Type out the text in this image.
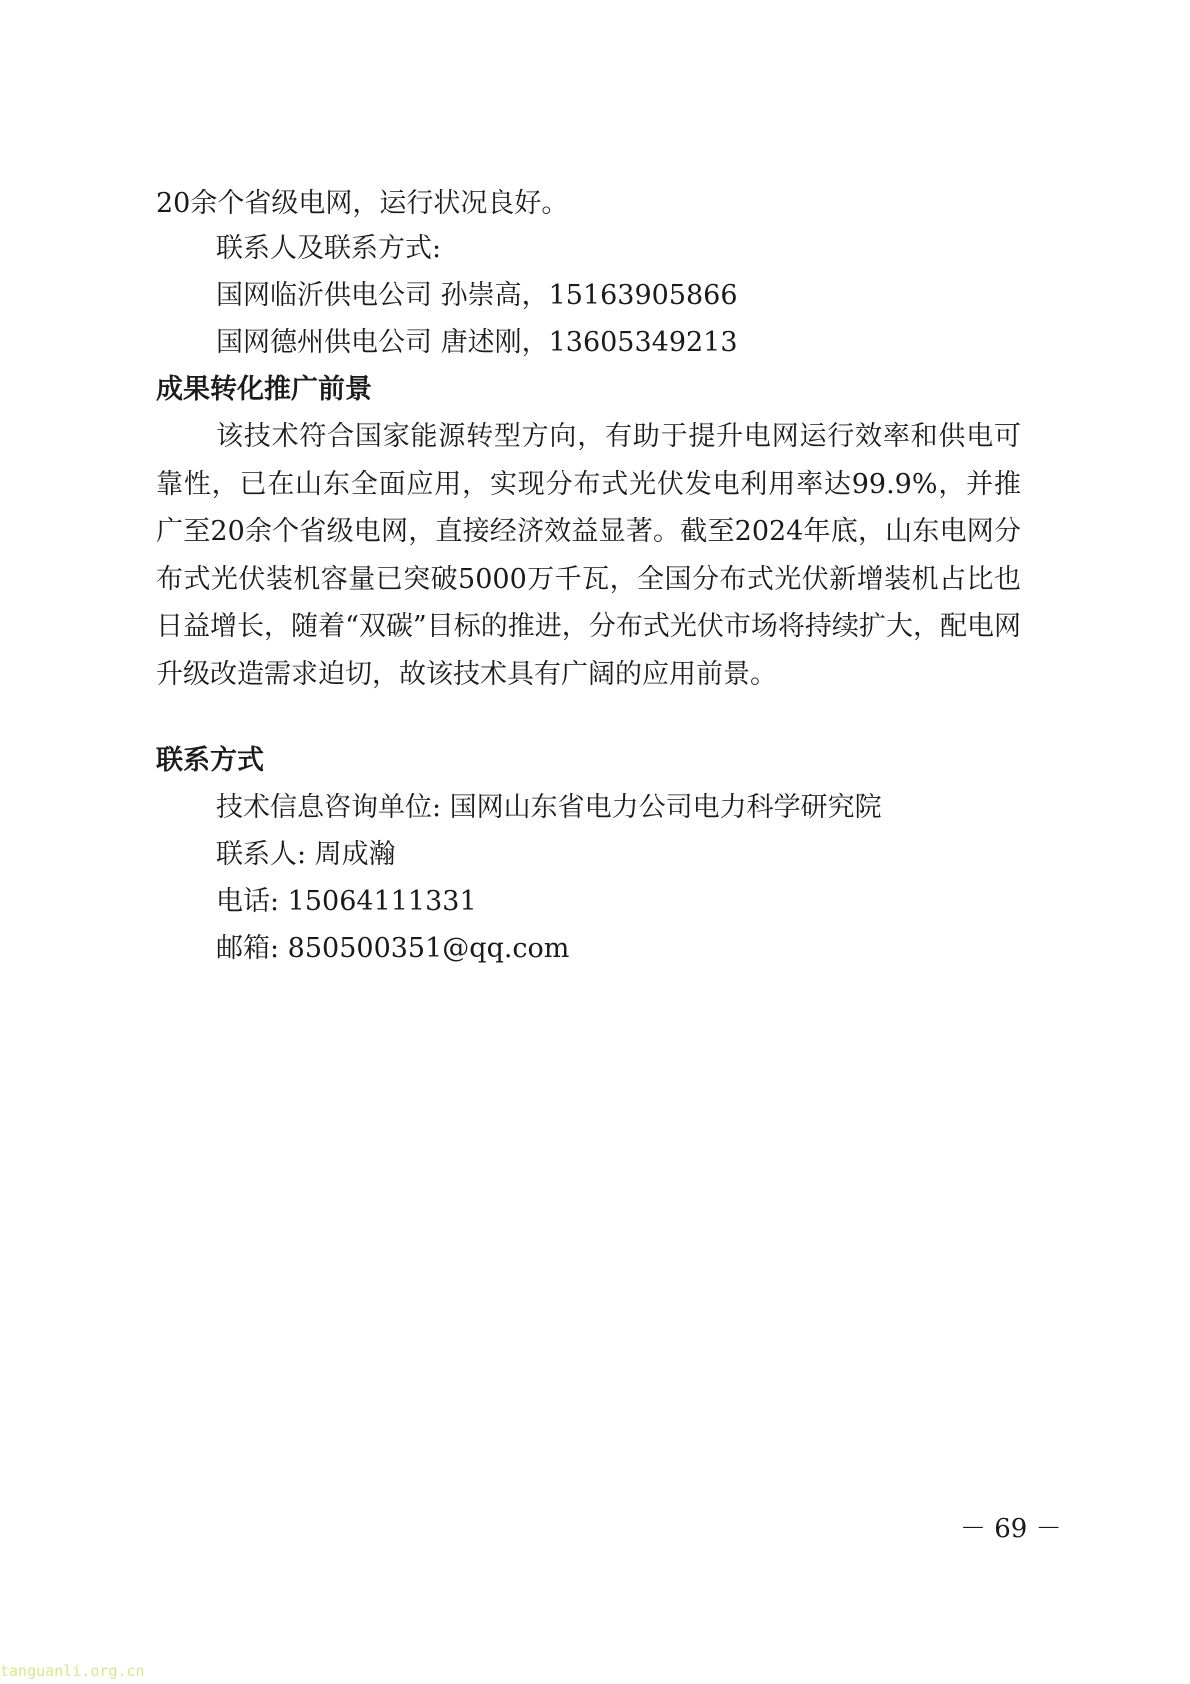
20余个省级电网，运行状况良好。
联系人及联系方式:
国网临沂供电公司 孙崇高，15163905866
国网德州供电公司 唐述刚，13605349213
成果转化推广前景
该技术符合国家能源转型方向，有助于提升电网运行效率和供电可靠性，已在山东全面应用，实现分布式光伏发电利用率达99.9%，并推广至20余个省级电网，直接经济效益显著。截至2024年底，山东电网分布式光伏装机容量已突破5000万千瓦，全国分布式光伏新增装机占比也日益增长，随着“双碳”目标的推进，分布式光伏市场将持续扩大，配电网升级改造需求迫切，故该技术具有广阔的应用前景。
联系方式
技术信息咨询单位: 国网山东省电力公司电力科学研究院
联系人: 周成瀚
电话: 15064111331
邮箱: 850500351@qq.com
－ 69 －
tanguanli.org.cn
